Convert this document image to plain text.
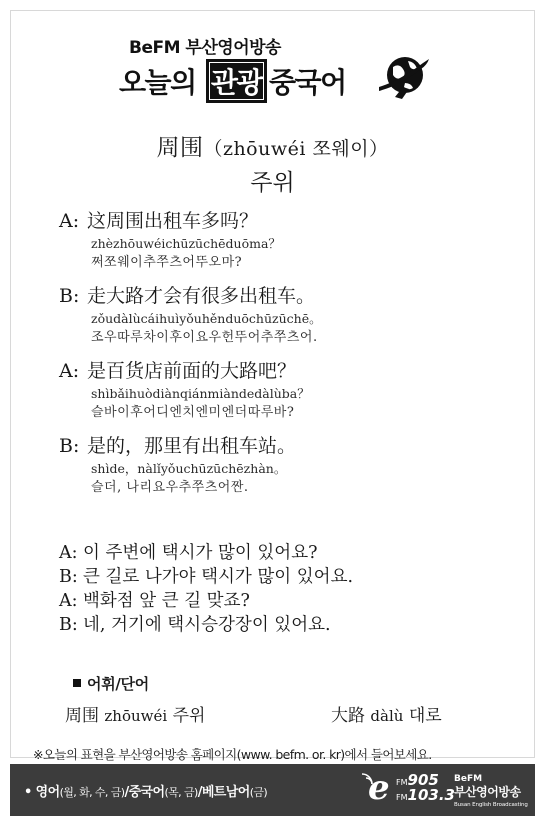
BeFM 부산영어방송
오늘의 관광 중국어
周围（zhōuwéi 쪼웨이）
주위
A: 这周围出租车多吗？
zhèzhōuwéichūzūchēduōma？
쩌쪼웨이추쭈츠어뚜오마?
B: 走大路才会有很多出租车。
zǒudàlùcáihuìyǒuhěnduōchūzūchē。
조우따루차이후이요우헌뚜어추쭈츠어.
A: 是百货店前面的大路吧？
shìbǎihuòdiànqiánmiàndedàlùba？
슬바이후어디엔치엔미엔더따루바?
B: 是的，那里有出租车站。
shìde，nàlǐyǒuchūzūchēzhàn。
슬더, 나리요우추쭈츠어짠.
A: 이 주변에 택시가 많이 있어요?
B: 큰 길로 나가야 택시가 많이 있어요.
A: 백화점 앞 큰 길 맞죠?
B: 네, 거기에 택시승강장이 있어요.
어휘/단어
周围 zhōuwéi 주위	大路 dàlù 대로
※오늘의 표현을 부산영어방송 홈페이지(www. befm. or. kr)에서 들어보세요.
• 영어(월, 화, 수, 금)/중국어(목, 금)/베트남어(금)	e FM905
FM103.3
BeFM
부산영어방송
Busan English Broadcasting
